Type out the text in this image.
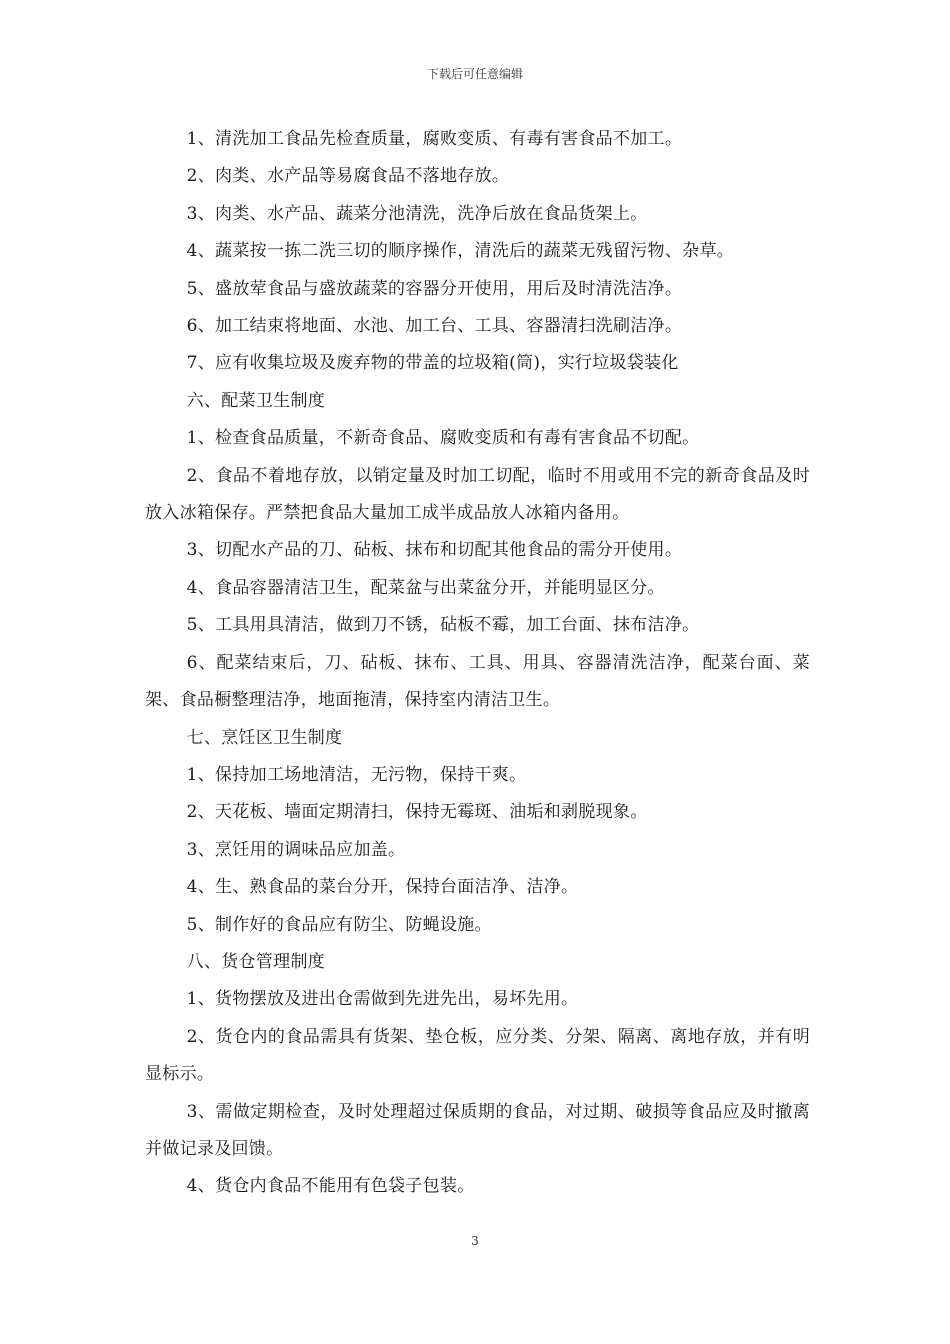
下载后可任意编辑

1、清洗加工食品先检查质量，腐败变质、有毒有害食品不加工。

2、肉类、水产品等易腐食品不落地存放。

3、肉类、水产品、蔬菜分池清洗，洗净后放在食品货架上。

4、蔬菜按一拣二洗三切的顺序操作，清洗后的蔬菜无残留污物、杂草。

5、盛放荤食品与盛放蔬菜的容器分开使用，用后及时清洗洁净。

6、加工结束将地面、水池、加工台、工具、容器清扫洗刷洁净。

7、应有收集垃圾及废弃物的带盖的垃圾箱(筒)，实行垃圾袋装化

六、配菜卫生制度

1、检查食品质量，不新奇食品、腐败变质和有毒有害食品不切配。

2、食品不着地存放，以销定量及时加工切配，临时不用或用不完的新奇食品及时放入冰箱保存。严禁把食品大量加工成半成品放人冰箱内备用。

3、切配水产品的刀、砧板、抹布和切配其他食品的需分开使用。

4、食品容器清洁卫生，配菜盆与出菜盆分开，并能明显区分。

5、工具用具清洁，做到刀不锈，砧板不霉，加工台面、抹布洁净。

6、配菜结束后，刀、砧板、抹布、工具、用具、容器清洗洁净，配菜台面、菜架、食品橱整理洁净，地面拖清，保持室内清洁卫生。

七、烹饪区卫生制度

1、保持加工场地清洁，无污物，保持干爽。

2、天花板、墙面定期清扫，保持无霉斑、油垢和剥脱现象。

3、烹饪用的调味品应加盖。

4、生、熟食品的菜台分开，保持台面洁净、洁净。

5、制作好的食品应有防尘、防蝇设施。

八、货仓管理制度

1、货物摆放及进出仓需做到先进先出，易坏先用。

2、货仓内的食品需具有货架、垫仓板，应分类、分架、隔离、离地存放，并有明显标示。

3、需做定期检查，及时处理超过保质期的食品，对过期、破损等食品应及时撤离并做记录及回馈。

4、货仓内食品不能用有色袋子包装。

3
